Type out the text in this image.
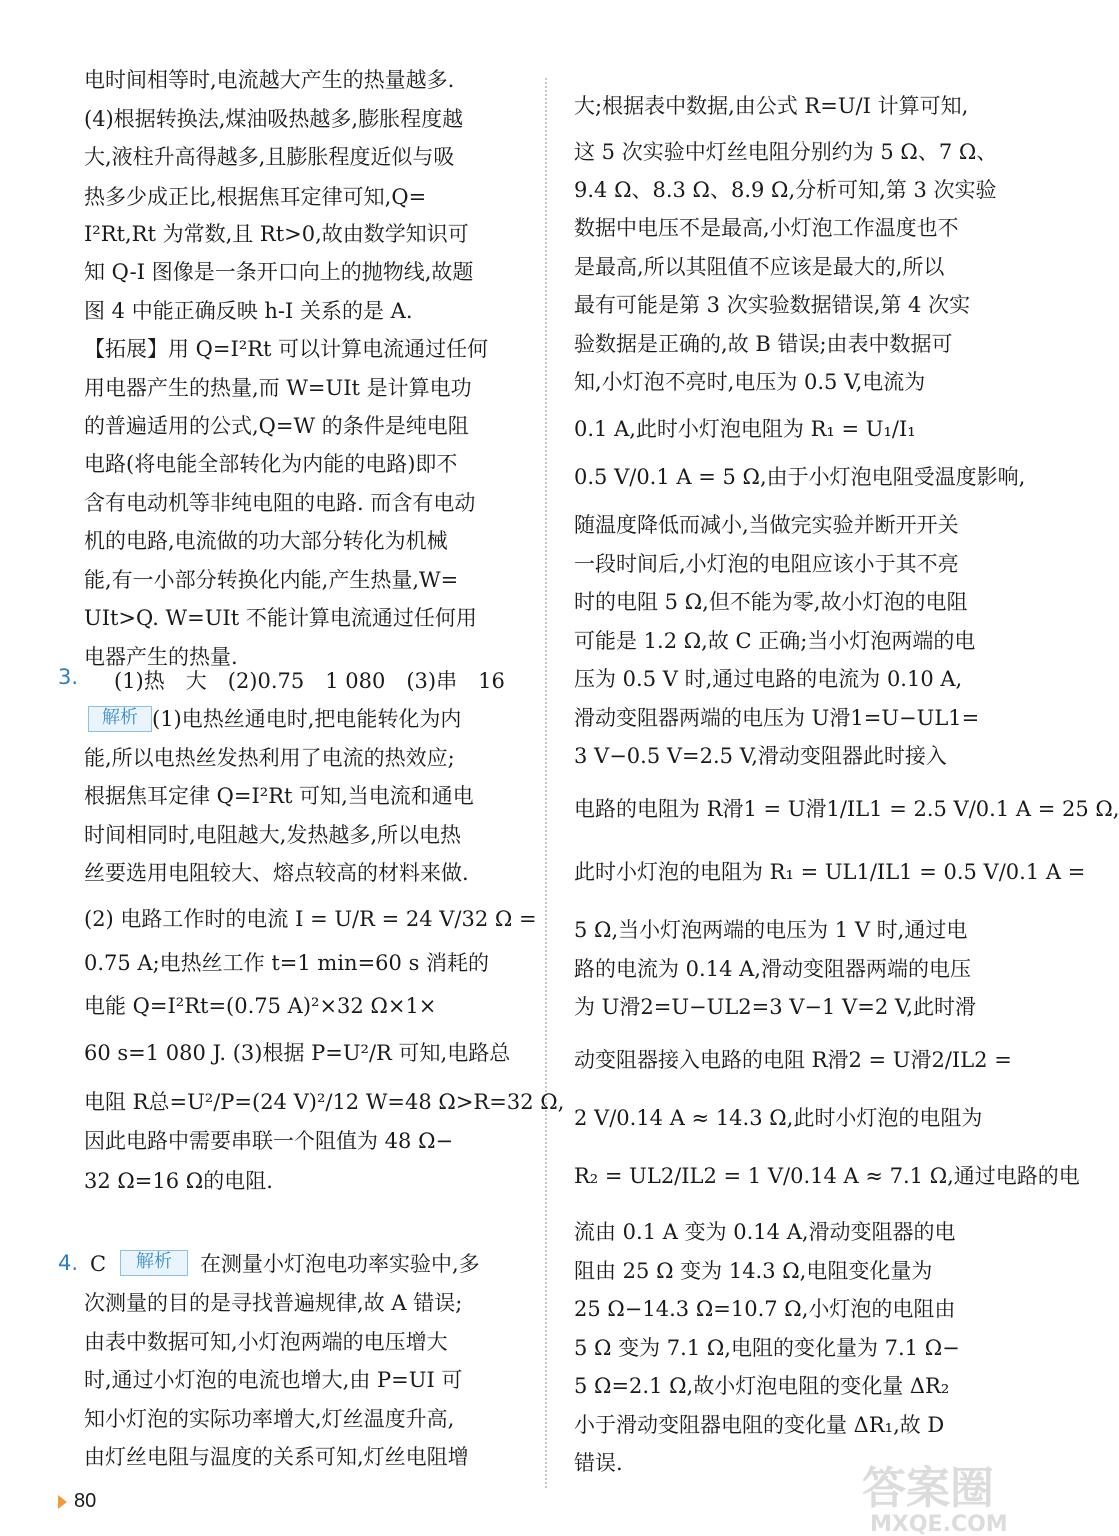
80
电时间相等时,电流越大产生的热量越多.
(4)根据转换法,煤油吸热越多,膨胀程度越
大,液柱升高得越多,且膨胀程度近似与吸
热多少成正比,根据焦耳定律可知,Q=
I²Rt,Rt 为常数,且 Rt>0,故由数学知识可
知 Q-I 图像是一条开口向上的抛物线,故题
图 4 中能正确反映 h-I 关系的是 A.
【拓展】用 Q=I²Rt 可以计算电流通过任何
用电器产生的热量,而 W=UIt 是计算电功
的普遍适用的公式,Q=W 的条件是纯电阻
电路(将电能全部转化为内能的电路)即不
含有电动机等非纯电阻的电路. 而含有电动
机的电路,电流做的功大部分转化为机械
能,有一小部分转换化内能,产生热量,W=
UIt>Q. W=UIt 不能计算电流通过任何用
电器产生的热量.
(1)热　大　(2)0.75　1 080　(3)串　16
(1)电热丝通电时,把电能转化为内
能,所以电热丝发热利用了电流的热效应;
根据焦耳定律 Q=I²Rt 可知,当电流和通电
时间相同时,电阻越大,发热越多,所以电热
丝要选用电阻较大、熔点较高的材料来做.
(2) 电路工作时的电流 I = U/R = 24 V/32 Ω =
0.75 A;电热丝工作 t=1 min=60 s 消耗的
电能 Q=I²Rt=(0.75 A)²×32 Ω×1×
60 s=1 080 J. (3)根据 P=U²/R 可知,电路总
电阻 R总=U²/P=(24 V)²/12 W=48 Ω>R=32 Ω,
因此电路中需要串联一个阻值为 48 Ω−
32 Ω=16 Ω的电阻.
C	在测量小灯泡电功率实验中,多
次测量的目的是寻找普遍规律,故 A 错误;
由表中数据可知,小灯泡两端的电压增大
时,通过小灯泡的电流也增大,由 P=UI 可
知小灯泡的实际功率增大,灯丝温度升高,
由灯丝电阻与温度的关系可知,灯丝电阻增
大;根据表中数据,由公式 R=U/I 计算可知,
这 5 次实验中灯丝电阻分别约为 5 Ω、7 Ω、
9.4 Ω、8.3 Ω、8.9 Ω,分析可知,第 3 次实验
数据中电压不是最高,小灯泡工作温度也不
是最高,所以其阻值不应该是最大的,所以
最有可能是第 3 次实验数据错误,第 4 次实
验数据是正确的,故 B 错误;由表中数据可
知,小灯泡不亮时,电压为 0.5 V,电流为
0.1 A,此时小灯泡电阻为 R₁ = U₁/I₁
0.5 V/0.1 A = 5 Ω,由于小灯泡电阻受温度影响,
随温度降低而减小,当做完实验并断开开关
一段时间后,小灯泡的电阻应该小于其不亮
时的电阻 5 Ω,但不能为零,故小灯泡的电阻
可能是 1.2 Ω,故 C 正确;当小灯泡两端的电
压为 0.5 V 时,通过电路的电流为 0.10 A,
滑动变阻器两端的电压为 U滑1=U−UL1=
3 V−0.5 V=2.5 V,滑动变阻器此时接入
电路的电阻为 R滑1 = U滑1/IL1 = 2.5 V/0.1 A = 25 Ω,
此时小灯泡的电阻为 R₁ = UL1/IL1 = 0.5 V/0.1 A =
5 Ω,当小灯泡两端的电压为 1 V 时,通过电
路的电流为 0.14 A,滑动变阻器两端的电压
为 U滑2=U−UL2=3 V−1 V=2 V,此时滑
动变阻器接入电路的电阻 R滑2 = U滑2/IL2 =
2 V/0.14 A ≈ 14.3 Ω,此时小灯泡的电阻为
R₂ = UL2/IL2 = 1 V/0.14 A ≈ 7.1 Ω,通过电路的电
流由 0.1 A 变为 0.14 A,滑动变阻器的电
阻由 25 Ω 变为 14.3 Ω,电阻变化量为
25 Ω−14.3 Ω=10.7 Ω,小灯泡的电阻由
5 Ω 变为 7.1 Ω,电阻的变化量为 7.1 Ω−
5 Ω=2.1 Ω,故小灯泡电阻的变化量 ΔR₂
小于滑动变阻器电阻的变化量 ΔR₁,故 D
错误.
3.
4.
解析
解析
答案圈
MXQE.COM
